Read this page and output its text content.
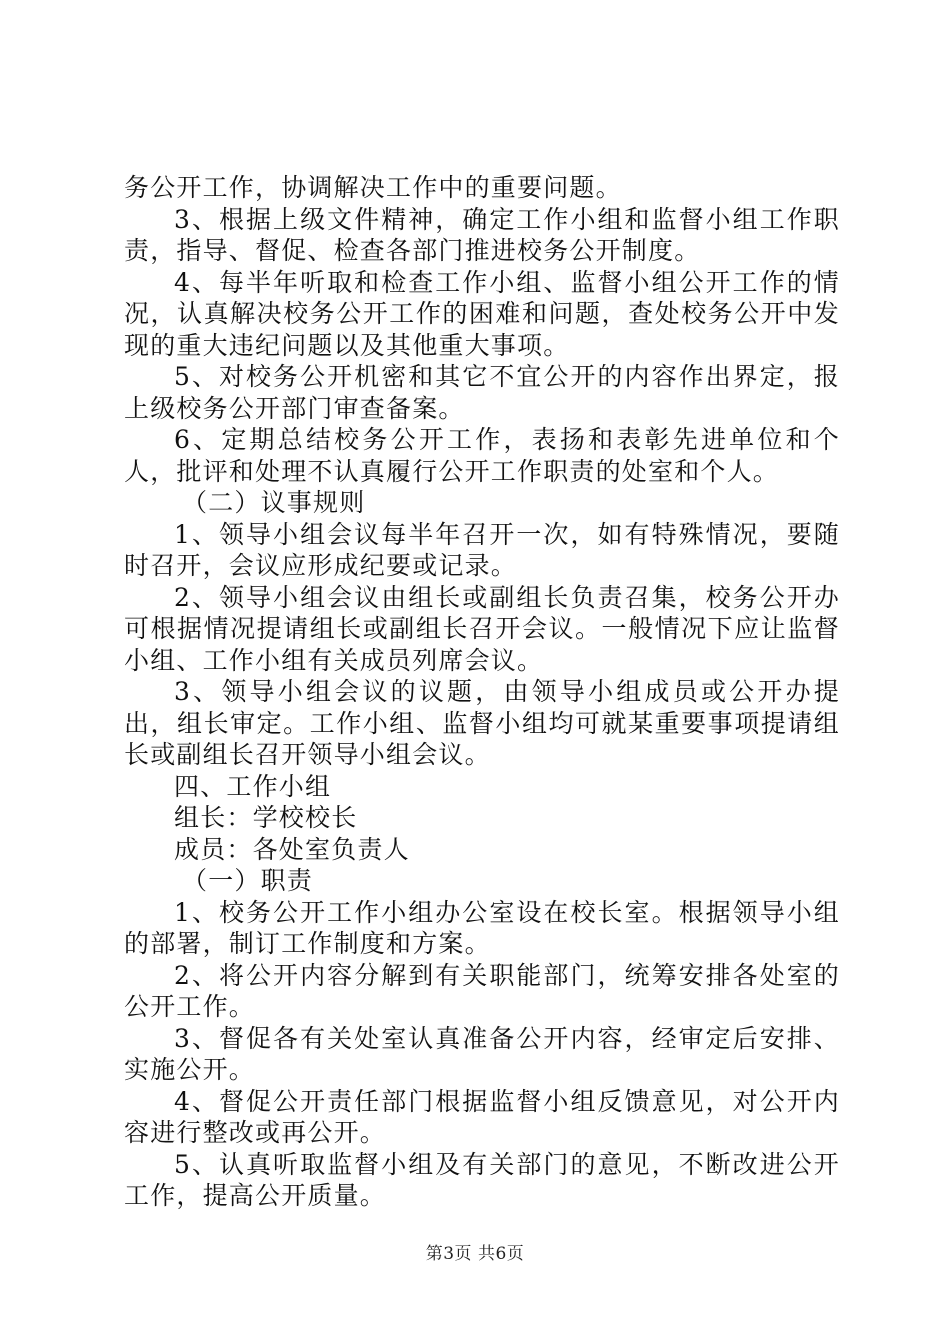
务公开工作，协调解决工作中的重要问题。

3、根据上级文件精神，确定工作小组和监督小组工作职责，指导、督促、检查各部门推进校务公开制度。

4、每半年听取和检查工作小组、监督小组公开工作的情况，认真解决校务公开工作的困难和问题，查处校务公开中发现的重大违纪问题以及其他重大事项。

5、对校务公开机密和其它不宜公开的内容作出界定，报上级校务公开部门审查备案。

6、定期总结校务公开工作，表扬和表彰先进单位和个人，批评和处理不认真履行公开工作职责的处室和个人。

（二）议事规则

1、领导小组会议每半年召开一次，如有特殊情况，要随时召开，会议应形成纪要或记录。

2、领导小组会议由组长或副组长负责召集，校务公开办可根据情况提请组长或副组长召开会议。一般情况下应让监督小组、工作小组有关成员列席会议。

3、领导小组会议的议题，由领导小组成员或公开办提出，组长审定。工作小组、监督小组均可就某重要事项提请组长或副组长召开领导小组会议。

四、工作小组

组长：学校校长

成员：各处室负责人

（一）职责

1、校务公开工作小组办公室设在校长室。根据领导小组的部署，制订工作制度和方案。

2、将公开内容分解到有关职能部门，统筹安排各处室的公开工作。

3、督促各有关处室认真准备公开内容，经审定后安排、实施公开。

4、督促公开责任部门根据监督小组反馈意见，对公开内容进行整改或再公开。

5、认真听取监督小组及有关部门的意见，不断改进公开工作，提高公开质量。

第3页 共6页
